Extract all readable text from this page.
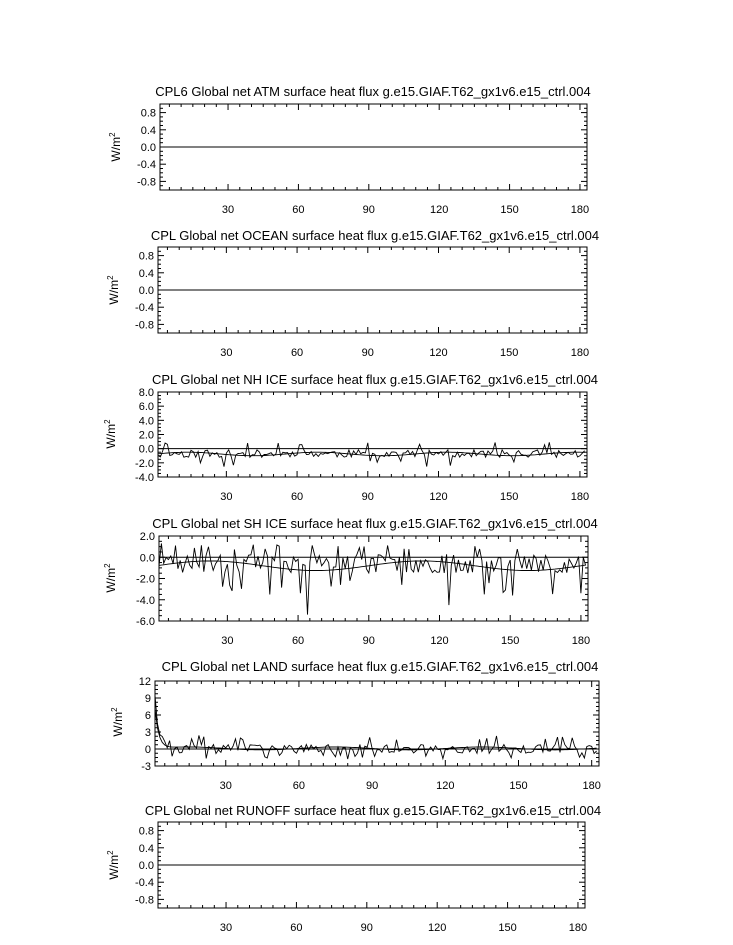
CPL6 Global net ATM surface heat flux g.e15.GIAF.T62_gx1v6.e15_ctrl.004
$W/m^2$
30	60	90	120	150	180
-0.8
-0.4
0.0
0.4
0.8
CPL Global net OCEAN surface heat flux g.e15.GIAF.T62_gx1v6.e15_ctrl.004
$W/m^2$
30	60	90	120	150	180
-0.8
-0.4
0.0
0.4
0.8
CPL Global net NH ICE surface heat flux g.e15.GIAF.T62_gx1v6.e15_ctrl.004
$W/m^2$
30	60	90	120	150	180
-4.0
-2.0
0.0
2.0
4.0
6.0
8.0
CPL Global net SH ICE surface heat flux g.e15.GIAF.T62_gx1v6.e15_ctrl.004
$W/m^2$
30	60	90	120	150	180
-6.0
-4.0
-2.0
0.0
2.0
CPL Global net LAND surface heat flux g.e15.GIAF.T62_gx1v6.e15_ctrl.004
$W/m^2$
30	60	90	120	150	180
-3
0
3
6
9
12
CPL Global net RUNOFF surface heat flux g.e15.GIAF.T62_gx1v6.e15_ctrl.004
$W/m^2$
30	60	90	120	150	180
-0.8
-0.4
0.0
0.4
0.8
